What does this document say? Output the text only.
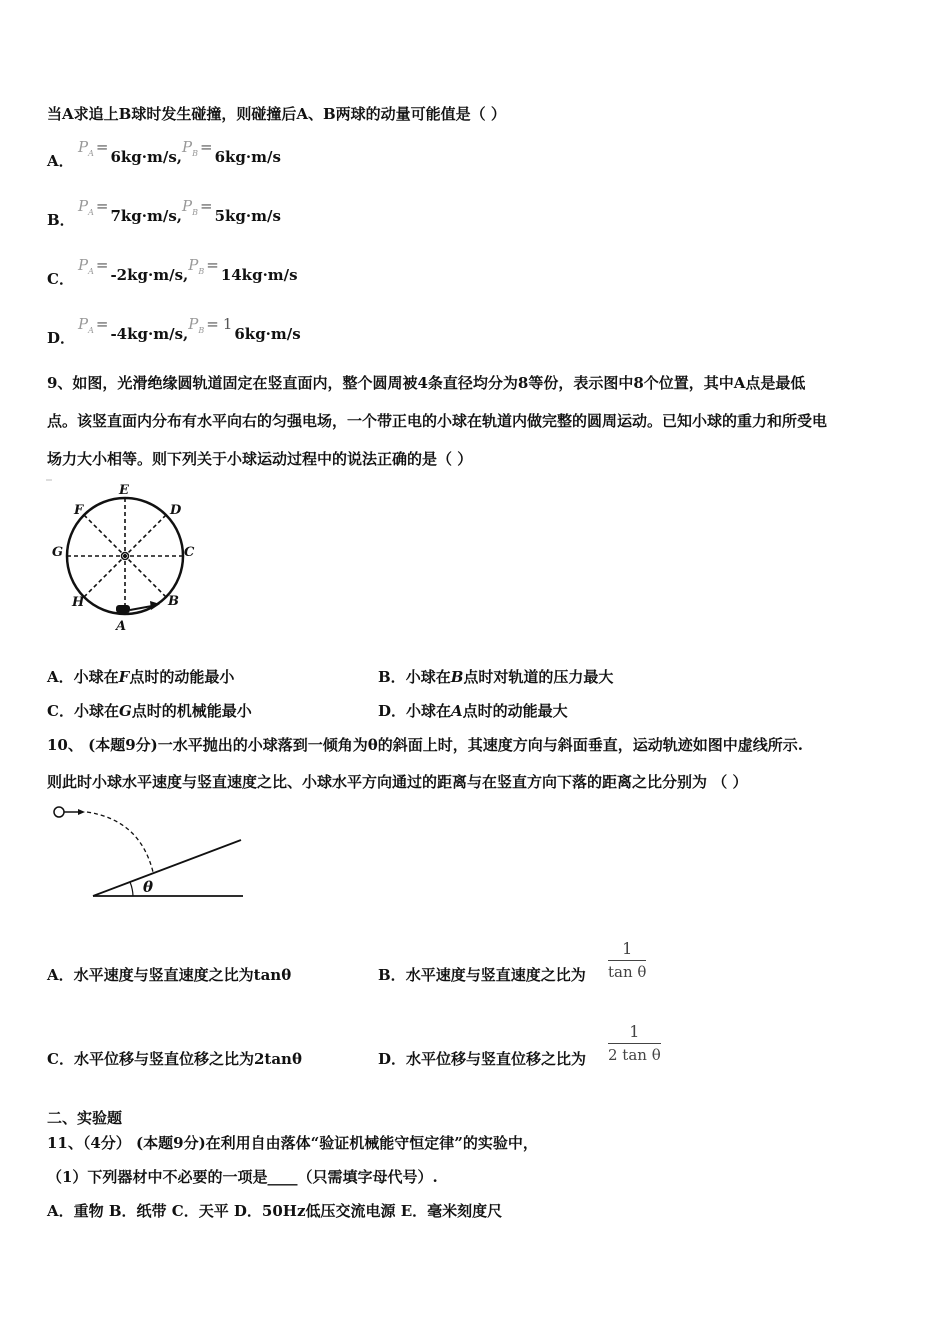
当A求追上B球时发生碰撞，则碰撞后A、B两球的动量可能值是（ ）
A．
$P_A =6kg\cdot m/s,P_B =6kg\cdot m/s$
B．
$P_A =7kg\cdot m/s,P_B =5kg\cdot m/s$
C．
$P_A =-2kg\cdot m/s,P_B =14kg\cdot m/s$
D．
$P_A =-4kg\cdot m/s,P_B = 16kg\cdot m/s$
9、如图，光滑绝缘圆轨道固定在竖直面内，整个圆周被4条直径均分为8等份，表示图中8个位置，其中A点是最低
点。该竖直面内分布有水平向右的匀强电场，一个带正电的小球在轨道内做完整的圆周运动。已知小球的重力和所受电
场力大小相等。则下列关于小球运动过程中的说法正确的是（ ）
E
D
F
G	C
H	B
A
A．小球在F点时的动能最小	B．小球在B点时对轨道的压力最大
C．小球在G点时的机械能最小	D．小球在A点时的动能最大
10、 (本题9分)一水平抛出的小球落到一倾角为θ的斜面上时，其速度方向与斜面垂直，运动轨迹如图中虚线所示.
则此时小球水平速度与竖直速度之比、小球水平方向通过的距离与在竖直方向下落的距离之比分别为 （ ）
θ
A．水平速度与竖直速度之比为tanθ	B．水平速度与竖直速度之比为 $\frac{1}{\text{tan θ}}$
C．水平位移与竖直位移之比为2tanθ	D．水平位移与竖直位移之比为 $\frac{1}{\text{2 tan θ}}$
二、实验题
11、（4分） (本题9分)在利用自由落体“验证机械能守恒定律”的实验中，
（1）下列器材中不必要的一项是____（只需填字母代号）.
A．重物 B．纸带 C．天平 D．50Hz低压交流电源 E．毫米刻度尺
